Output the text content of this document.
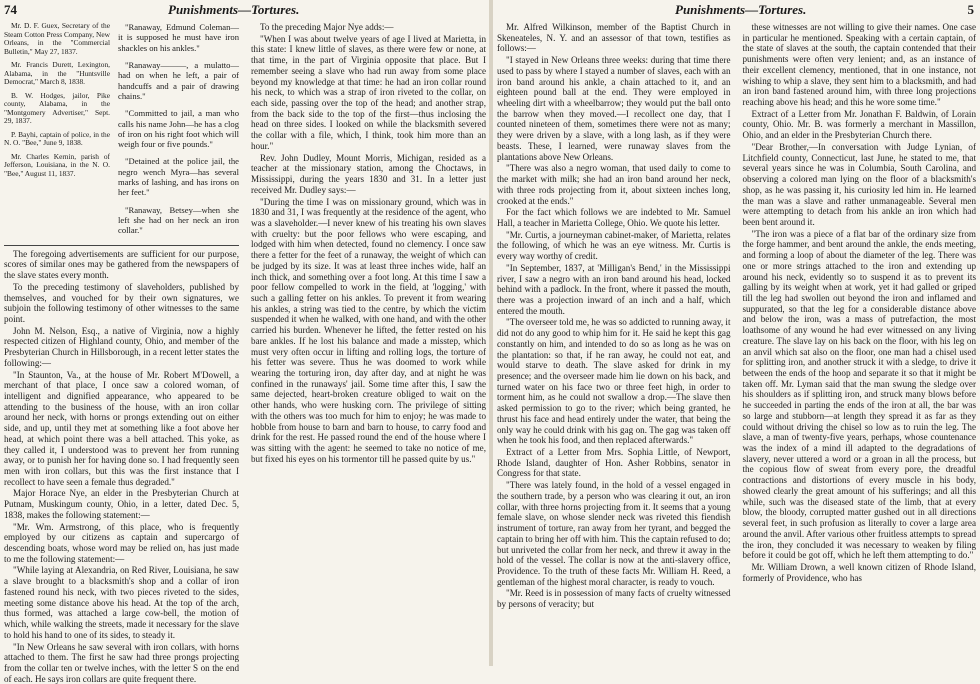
74	Punishments—Tortures.

Mr. D. F. Guex, Secretary of the Steam Cotton Press Company, New Orleans, in the "Commercial Bulletin," May 27, 1837.

Mr. Francis Durett, Lexington, Alabama, in the "Huntsville Democrat," March 8, 1838.

B. W. Hodges, jailor, Pike county, Alabama, in the "Montgomery Advertiser," Sept. 29, 1837.

P. Bayhi, captain of police, in the N. O. "Bee," June 9, 1838.

Mr. Charles Kernin, parish of Jefferson, Louisiana, in the N. O. "Bee," August 11, 1837.

"Ranaway, Edmund Coleman—it is supposed he must have iron shackles on his ankles."

"Ranaway———, a mulatto—had on when he left, a pair of handcuffs and a pair of drawing chains."

"Committed to jail, a man who calls his name John—he has a clog of iron on his right foot which will weigh four or five pounds."

"Detained at the police jail, the negro wench Myra—has several marks of lashing, and has irons on her feet."

"Ranaway, Betsey—when she left she had on her neck an iron collar."

The foregoing advertisements are sufficient for our purpose, scores of similar ones may be gathered from the newspapers of the slave states every month.

To the preceding testimony of slaveholders, published by themselves, and vouched for by their own signatures, we subjoin the following testimony of other witnesses to the same point.

John M. Nelson, Esq., a native of Virginia, now a highly respected citizen of Highland county, Ohio, and member of the Presbyterian Church in Hillsborough, in a recent letter states the following:—

"In Staunton, Va., at the house of Mr. Robert M'Dowell, a merchant of that place, I once saw a colored woman, of intelligent and dignified appearance, who appeared to be attending to the business of the house, with an iron collar around her neck, with horns or prongs extending out on either side, and up, until they met at something like a foot above her head, at which point there was a bell attached. This yoke, as they called it, I understood was to prevent her from running away, or to punish her for having done so. I had frequently seen men with iron collars, but this was the first instance that I recollect to have seen a female thus degraded."

Major Horace Nye, an elder in the Presbyterian Church at Putnam, Muskingum county, Ohio, in a letter, dated Dec. 5, 1838, makes the following statement:—

"Mr. Wm. Armstrong, of this place, who is frequently employed by our citizens as captain and supercargo of descending boats, whose word may be relied on, has just made to me the following statement:—

"While laying at Alexandria, on Red River, Louisiana, he saw a slave brought to a blacksmith's shop and a collar of iron fastened round his neck, with two pieces riveted to the sides, meeting some distance above his head. At the top of the arch, thus formed, was attached a large cow-bell, the motion of which, while walking the streets, made it necessary for the slave to hold his hand to one of its sides, to steady it.

"In New Orleans he saw several with iron collars, with horns attached to them. The first he saw had three prongs projecting from the collar ten or twelve inches, with the letter S on the end of each. He says iron collars are quite frequent there.

To the preceding Major Nye adds:—

"When I was about twelve years of age I lived at Marietta, in this state: I knew little of slaves, as there were few or none, at that time, in the part of Virginia opposite that place. But I remember seeing a slave who had run away from some place beyond my knowledge at that time: he had an iron collar round his neck, to which was a strap of iron riveted to the collar, on each side, passing over the top of the head; and another strap, from the back side to the top of the first—thus inclosing the head on three sides. I looked on while the blacksmith severed the collar with a file, which, I think, took him more than an hour."

Rev. John Dudley, Mount Morris, Michigan, resided as a teacher at the missionary station, among the Choctaws, in Mississippi, during the years 1830 and 31. In a letter just received Mr. Dudley says:—

"During the time I was on missionary ground, which was in 1830 and 31, I was frequently at the residence of the agent, who was a slaveholder.—I never knew of his treating his own slaves with cruelty: but the poor fellows who were escaping, and lodged with him when detected, found no clemency. I once saw there a fetter for the feet of a runaway, the weight of which can be judged by its size. It was at least three inches wide, half an inch thick, and something over a foot long. At this time I saw a poor fellow compelled to work in the field, at 'logging,' with such a galling fetter on his ankles. To prevent it from wearing his ankles, a string was tied to the centre, by which the victim suspended it when he walked, with one hand, and with the other carried his burden. Whenever he lifted, the fetter rested on his bare ankles. If he lost his balance and made a misstep, which must very often occur in lifting and rolling logs, the torture of his fetter was severe. Thus he was doomed to work while wearing the torturing iron, day after day, and at night he was confined in the runaways' jail. Some time after this, I saw the same dejected, heart-broken creature obliged to wait on the other hands, who were husking corn. The privilege of sitting with the others was too much for him to enjoy; he was made to hobble from house to barn and barn to house, to carry food and drink for the rest. He passed round the end of the house where I was sitting with the agent: he seemed to take no notice of me, but fixed his eyes on his tormentor till he passed quite by us."

Punishments—Tortures.	5

Mr. Alfred Wilkinson, member of the Baptist Church in Skeneateles, N. Y. and an assessor of that town, testifies as follows:—

"I stayed in New Orleans three weeks: during that time there used to pass by where I stayed a number of slaves, each with an iron band around his ankle, a chain attached to it, and an eighteen pound ball at the end. They were employed in wheeling dirt with a wheelbarrow; they would put the ball onto the barrow when they moved.—I recollect one day, that I counted nineteen of them, sometimes there were not as many; they were driven by a slave, with a long lash, as if they were beasts. These, I learned, were runaway slaves from the plantations above New Orleans.

"There was also a negro woman, that used daily to come to the market with milk; she had an iron band around her neck, with three rods projecting from it, about sixteen inches long, crooked at the ends."

For the fact which follows we are indebted to Mr. Samuel Hall, a teacher in Marietta College, Ohio. We quote his letter.

"Mr. Curtis, a journeyman cabinet-maker, of Marietta, relates the following, of which he was an eye witness. Mr. Curtis is every way worthy of credit.

"In September, 1837, at 'Milligan's Bend,' in the Mississippi river, I saw a negro with an iron band around his head, locked behind with a padlock. In the front, where it passed the mouth, there was a projection inward of an inch and a half, which entered the mouth.

"The overseer told me, he was so addicted to running away, it did not do any good to whip him for it. He said he kept this gag constantly on him, and intended to do so as long as he was on the plantation: so that, if he ran away, he could not eat, and would starve to death. The slave asked for drink in my presence; and the overseer made him lie down on his back, and turned water on his face two or three feet high, in order to torment him, as he could not swallow a drop.—The slave then asked permission to go to the river; which being granted, he thrust his face and head entirely under the water, that being the only way he could drink with his gag on. The gag was taken off when he took his food, and then replaced afterwards."

Extract of a Letter from Mrs. Sophia Little, of Newport, Rhode Island, daughter of Hon. Asher Robbins, senator in Congress for that state.

"There was lately found, in the hold of a vessel engaged in the southern trade, by a person who was clearing it out, an iron collar, with three horns projecting from it. It seems that a young female slave, on whose slender neck was riveted this fiendish instrument of torture, ran away from her tyrant, and begged the captain to bring her off with him. This the captain refused to do; but unriveted the collar from her neck, and threw it away in the hold of the vessel. The collar is now at the anti-slavery office, Providence. To the truth of these facts Mr. William H. Reed, a gentleman of the highest moral character, is ready to vouch.

"Mr. Reed is in possession of many facts of cruelty witnessed by persons of veracity; but

these witnesses are not willing to give their names. One case in particular he mentioned. Speaking with a certain captain, of the state of slaves at the south, the captain contended that their punishments were often very lenient; and, as an instance of their excellent clemency, mentioned, that in one instance, not wishing to whip a slave, they sent him to a blacksmith, and had an iron band fastened around him, with three long projections reaching above his head; and this he wore some time."

Extract of a Letter from Mr. Jonathan F. Baldwin, of Lorain county, Ohio. Mr. B. was formerly a merchant in Massillon, Ohio, and an elder in the Presbyterian Church there.

"Dear Brother,—In conversation with Judge Lynian, of Litchfield county, Connecticut, last June, he stated to me, that several years since he was in Columbia, South Carolina, and observing a colored man lying on the floor of a blacksmith's shop, as he was passing it, his curiosity led him in. He learned the man was a slave and rather unmanageable. Several men were attempting to detach from his ankle an iron which had been bent around it.

"The iron was a piece of a flat bar of the ordinary size from the forge hammer, and bent around the ankle, the ends meeting, and forming a loop of about the diameter of the leg. There was one or more strings attached to the iron and extending up around his neck, evidently so to suspend it as to prevent its galling by its weight when at work, yet it had galled or griped till the leg had swollen out beyond the iron and inflamed and suppurated, so that the leg for a considerable distance above and below the iron, was a mass of putrefaction, the most loathsome of any wound he had ever witnessed on any living creature. The slave lay on his back on the floor, with his leg on an anvil which sat also on the floor, one man had a chisel used for splitting iron, and another struck it with a sledge, to drive it between the ends of the hoop and separate it so that it might be taken off. Mr. Lyman said that the man swung the sledge over his shoulders as if splitting iron, and struck many blows before he succeeded in parting the ends of the iron at all, the bar was so large and stubborn—at length they spread it as far as they could without driving the chisel so low as to ruin the leg. The slave, a man of twenty-five years, perhaps, whose countenance was the index of a mind ill adapted to the degradations of slavery, never uttered a word or a groan in all the process, but the copious flow of sweat from every pore, the dreadful contractions and distortions of every muscle in his body, showed clearly the great amount of his sufferings; and all this while, such was the diseased state of the limb, that at every blow, the bloody, corrupted matter gushed out in all directions several feet, in such profusion as literally to cover a large area around the anvil. After various other fruitless attempts to spread the iron, they concluded it was necessary to weaken by filing before it could be got off, which he left them attempting to do."

Mr. William Drown, a well known citizen of Rhode Island, formerly of Providence, who has
